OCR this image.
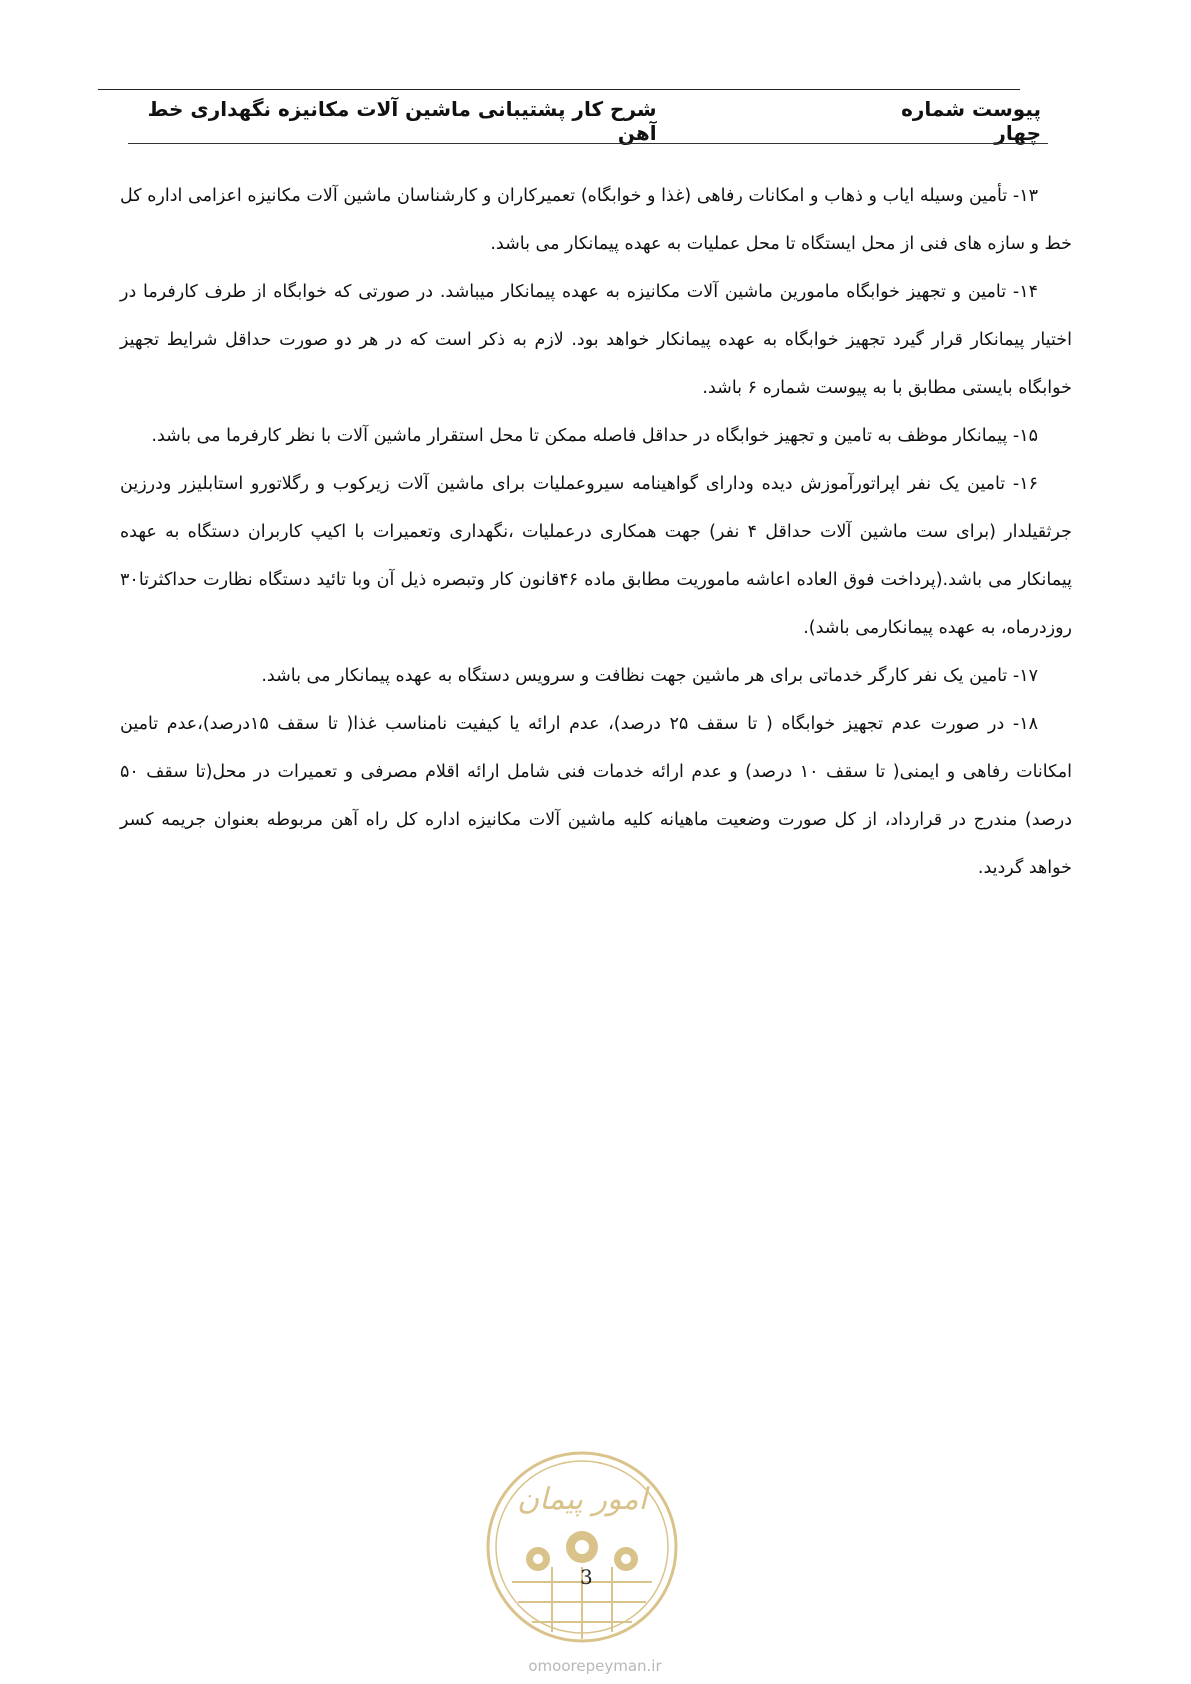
پیوست شماره چهار
شرح کار پشتیبانی ماشین آلات مکانیزه نگهداری خط آهن

۱۳- تأمین وسیله ایاب و ذهاب و امکانات رفاهی (غذا و خوابگاه) تعمیرکاران و کارشناسان ماشین آلات مکانیزه اعزامی اداره کل خط و سازه های فنی از محل ایستگاه تا محل عملیات به عهده پیمانکار می باشد.

۱۴- تامین و تجهیز خوابگاه مامورین ماشین آلات مکانیزه به عهده پیمانکار میباشد. در صورتی که خوابگاه از طرف کارفرما در اختیار پیمانکار قرار گیرد تجهیز خوابگاه به عهده پیمانکار خواهد بود. لازم به ذکر است که در هر دو صورت حداقل شرایط تجهیز خوابگاه بایستی مطابق با به پیوست شماره ۶ باشد.

۱۵- پیمانکار موظف به تامین و تجهیز خوابگاه در حداقل فاصله ممکن تا محل استقرار ماشین آلات با نظر کارفرما می باشد.

۱۶- تامین یک نفر اپراتورآموزش دیده ودارای گواهینامه سیروعملیات برای ماشین آلات زیرکوب و رگلاتورو استابلیزر ودرزین جرثقیلدار (برای ست ماشین آلات حداقل ۴ نفر) جهت همکاری درعملیات ،نگهداری وتعمیرات با اکیپ کاربران دستگاه به عهده پیمانکار می باشد.(پرداخت فوق العاده اعاشه ماموریت مطابق ماده ۴۶قانون کار وتبصره ذیل آن وبا تائید دستگاه نظارت حداکثرتا۳۰ روزدرماه، به عهده پیمانکارمی باشد).

۱۷- تامین یک نفر کارگر خدماتی برای هر ماشین جهت نظافت و سرویس دستگاه به عهده پیمانکار می باشد.

۱۸- در صورت عدم تجهیز خوابگاه ( تا سقف ۲۵ درصد)، عدم ارائه یا کیفیت نامناسب غذا( تا سقف ۱۵درصد)،عدم تامین امکانات رفاهی و ایمنی( تا سقف ۱۰ درصد) و عدم ارائه خدمات فنی شامل ارائه اقلام مصرفی و تعمیرات در محل(تا سقف ۵۰ درصد) مندرج در قرارداد، از کل صورت وضعیت ماهیانه کلیه ماشین آلات مکانیزه اداره کل راه آهن مربوطه بعنوان جریمه کسر خواهد گردید.

امور پیمان
3
omoorepeyman.ir
